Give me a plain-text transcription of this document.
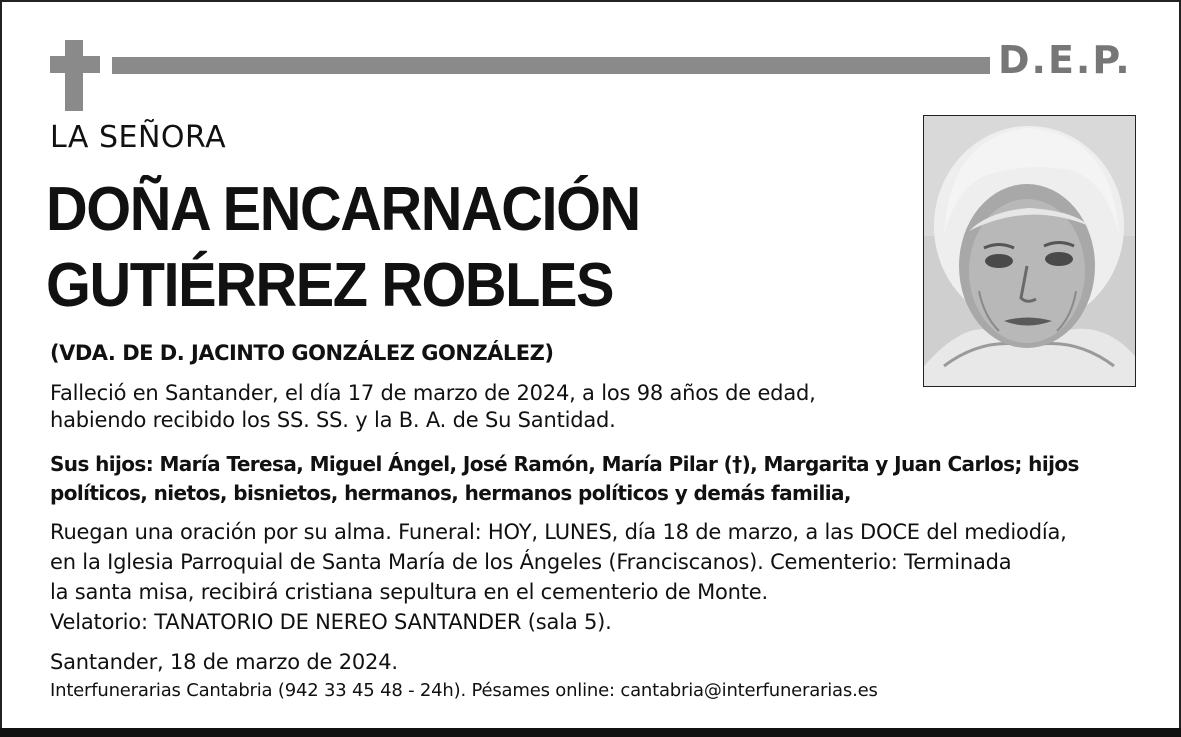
D.E.P.
LA SEÑORA
DOÑA ENCARNACIÓN
GUTIÉRREZ ROBLES
(VDA. DE D. JACINTO GONZÁLEZ GONZÁLEZ)
Falleció en Santander, el día 17 de marzo de 2024, a los 98 años de edad,
habiendo recibido los SS. SS. y la B. A. de Su Santidad.
Sus hijos: María Teresa, Miguel Ángel, José Ramón, María Pilar (†), Margarita y Juan Carlos; hijos
políticos, nietos, bisnietos, hermanos, hermanos políticos y demás familia,
Ruegan una oración por su alma. Funeral: HOY, LUNES, día 18 de marzo, a las DOCE del mediodía,
en la Iglesia Parroquial de Santa María de los Ángeles (Franciscanos). Cementerio: Terminada
la santa misa, recibirá cristiana sepultura en el cementerio de Monte.
Velatorio: TANATORIO DE NEREO SANTANDER (sala 5).
Santander, 18 de marzo de 2024.
Interfunerarias Cantabria (942 33 45 48 - 24h). Pésames online: cantabria@interfunerarias.es
